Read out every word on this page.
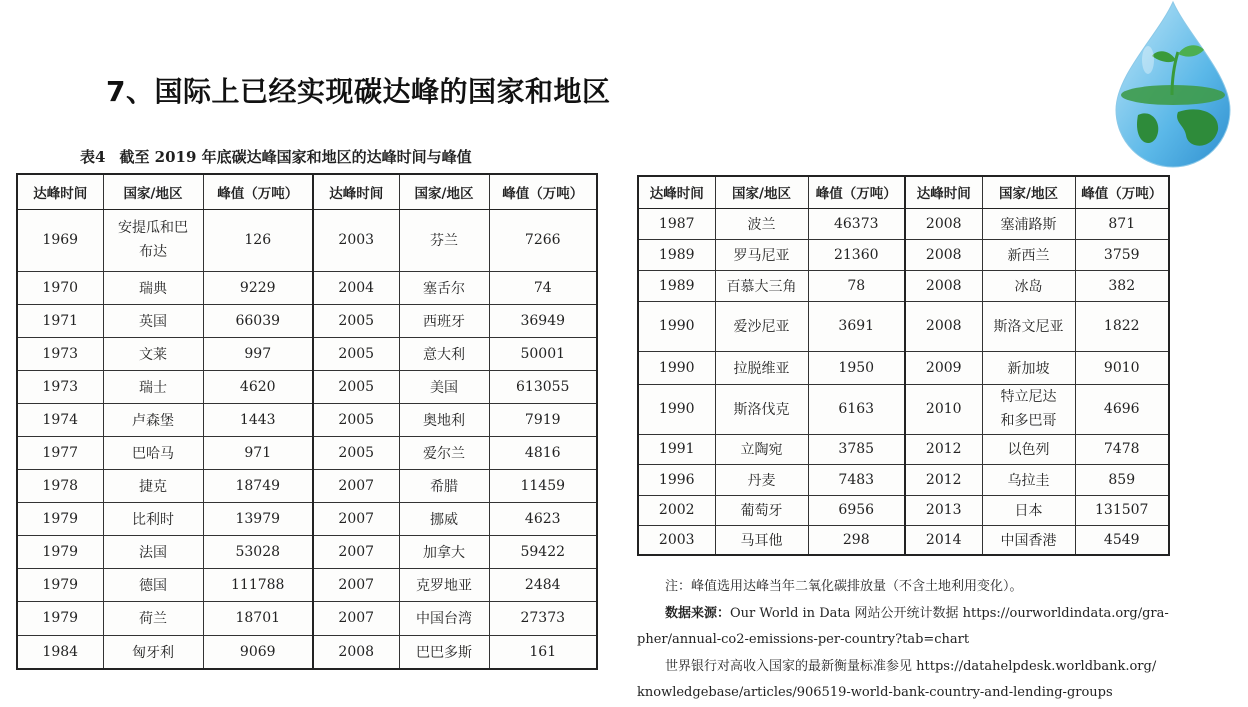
7、国际上已经实现碳达峰的国家和地区
表4 截至 2019 年底碳达峰国家和地区的达峰时间与峰值
达峰时间	国家/地区	峰值（万吨）	达峰时间	国家/地区	峰值（万吨）
1969	安提瓜和巴布达	126	2003	芬兰	7266
1970	瑞典	9229	2004	塞舌尔	74
1971	英国	66039	2005	西班牙	36949
1973	文莱	997	2005	意大利	50001
1973	瑞士	4620	2005	美国	613055
1974	卢森堡	1443	2005	奥地利	7919
1977	巴哈马	971	2005	爱尔兰	4816
1978	捷克	18749	2007	希腊	11459
1979	比利时	13979	2007	挪威	4623
1979	法国	53028	2007	加拿大	59422
1979	德国	111788	2007	克罗地亚	2484
1979	荷兰	18701	2007	中国台湾	27373
1984	匈牙利	9069	2008	巴巴多斯	161
达峰时间	国家/地区	峰值（万吨）	达峰时间	国家/地区	峰值（万吨）
1987	波兰	46373	2008	塞浦路斯	871
1989	罗马尼亚	21360	2008	新西兰	3759
1989	百慕大三角	78	2008	冰岛	382
1990	爱沙尼亚	3691	2008	斯洛文尼亚	1822
1990	拉脱维亚	1950	2009	新加坡	9010
1990	斯洛伐克	6163	2010	特立尼达和多巴哥	4696
1991	立陶宛	3785	2012	以色列	7478
1996	丹麦	7483	2012	乌拉圭	859
2002	葡萄牙	6956	2013	日本	131507
2003	马耳他	298	2014	中国香港	4549
注：峰值选用达峰当年二氧化碳排放量（不含土地利用变化）。
数据来源：Our World in Data 网站公开统计数据 https://ourworldindata.org/gra-
pher/annual-co2-emissions-per-country?tab=chart
世界银行对高收入国家的最新衡量标准参见 https://datahelpdesk.worldbank.org/
knowledgebase/articles/906519-world-bank-country-and-lending-groups
